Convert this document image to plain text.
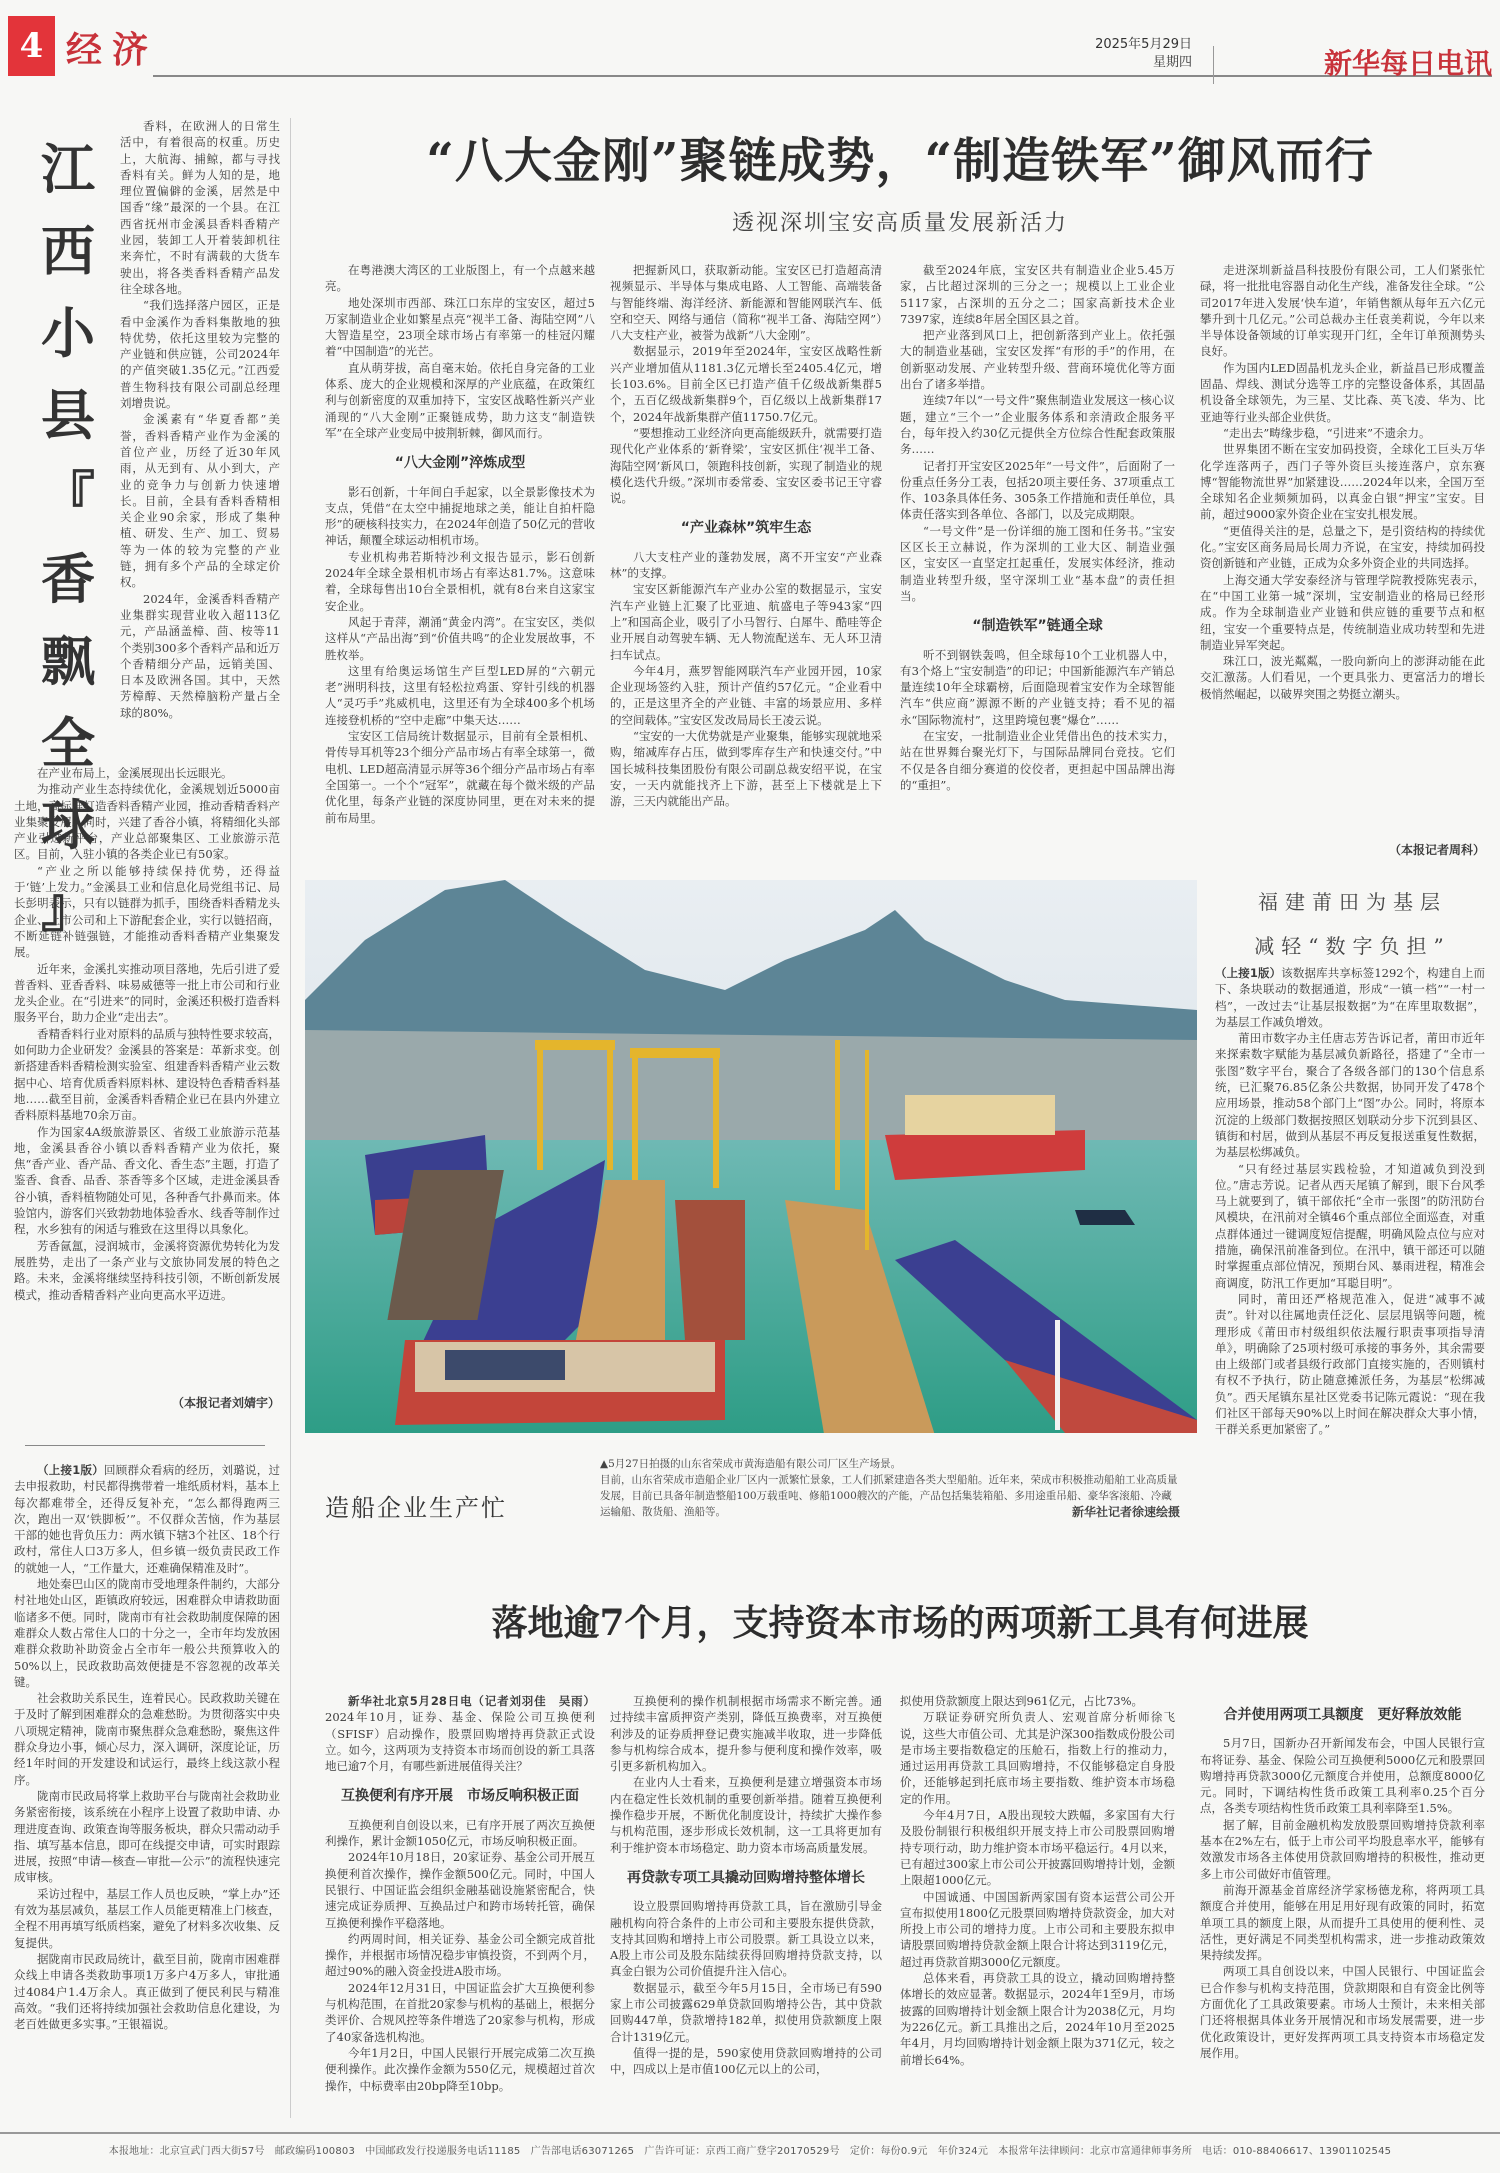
4 经济	2025年5月29日
星期四	新华每日电讯
江
西
小
县
『
香
飘
全
球
』

香料，在欧洲人的日常生活中，有着很高的权重。历史上，大航海、捕鲸，都与寻找香料有关。鲜为人知的是，地理位置偏僻的金溪，居然是中国香“缘”最深的一个县。在江西省抚州市金溪县香料香精产业园，装卸工人开着装卸机往来奔忙，不时有满载的大货车驶出，将各类香料香精产品发往全球各地。

“我们选择落户园区，正是看中金溪作为香料集散地的独特优势，依托这里较为完整的产业链和供应链，公司2024年的产值突破1.35亿元。”江西爱普生物科技有限公司副总经理刘增贵说。

金溪素有“华夏香都”美誉，香料香精产业作为金溪的首位产业，历经了近30年风雨，从无到有、从小到大，产业的竞争力与创新力快速增长。目前，全县有香料香精相关企业90余家，形成了集种植、研发、生产、加工、贸易等为一体的较为完整的产业链，拥有多个产品的全球定价权。

2024年，金溪香料香精产业集群实现营业收入超113亿元，产品涵盖樟、茴、桉等11个类别300多个香料产品和近万个香精细分产品，远销美国、日本及欧洲各国。其中，天然芳樟醇、天然樟脑粉产量占全球的80%。

在产业布局上，金溪展现出长远眼光。

为推动产业生态持续优化，金溪规划近5000亩土地，高标准打造香料香精产业园，推动香精香料产业集聚发展。同时，兴建了香谷小镇，将精细化头部产业引进新平台，产业总部聚集区、工业旅游示范区。目前，入驻小镇的各类企业已有50家。

“产业之所以能够持续保持优势，还得益于‘链’上发力。”金溪县工业和信息化局党组书记、局长彭明表示，只有以链群为抓手，围绕香料香精龙头企业、上市公司和上下游配套企业，实行以链招商，不断延链补链强链，才能推动香料香精产业集聚发展。

近年来，金溪扎实推动项目落地，先后引进了爱普香料、亚香香料、味易威德等一批上市公司和行业龙头企业。在“引进来”的同时，金溪还积极打造香料服务平台，助力企业“走出去”。

香精香料行业对原料的品质与独特性要求较高，如何助力企业研发？金溪县的答案是：革新求变。创新搭建香料香精检测实验室、组建香料香精产业云数据中心、培育优质香料原料林、建设特色香精香料基地……截至目前，金溪香料香精企业已在县内外建立香料原料基地70余万亩。

作为国家4A级旅游景区、省级工业旅游示范基地，金溪县香谷小镇以香料香精产业为依托，聚焦“香产业、香产品、香文化、香生态”主题，打造了鉴香、食香、品香、茶香等多个区域，走进金溪县香谷小镇，香料植物随处可见，各种香气扑鼻而来。体验馆内，游客们兴致勃勃地体验香水、线香等制作过程，水乡独有的闲适与雅致在这里得以具象化。

芳香氤氲，浸润城市，金溪将资源优势转化为发展胜势，走出了一条产业与文旅协同发展的特色之路。未来，金溪将继续坚持科技引领，不断创新发展模式，推动香精香料产业向更高水平迈进。

（本报记者刘婧宇）

（上接1版）回顾群众看病的经历，刘璐说，过去申报救助，村民都得携带着一堆纸质材料，基本上每次都难带全，还得反复补充，“怎么都得跑两三次，跑出一双‘铁脚板’”。不仅群众苦恼，作为基层干部的她也背负压力：两水镇下辖3个社区、18个行政村，常住人口3万多人，但乡镇一级负责民政工作的就她一人，“工作量大，还难确保精准及时”。

地处秦巴山区的陇南市受地理条件制约，大部分村社地处山区，距镇政府较远，困难群众申请救助面临诸多不便。同时，陇南市有社会救助制度保障的困难群众人数占常住人口的十分之一，全市年均发放困难群众救助补助资金占全市年一般公共预算收入的50%以上，民政救助高效便捷是不容忽视的改革关键。

社会救助关系民生，连着民心。民政救助关键在于及时了解到困难群众的急难愁盼。为贯彻落实中央八项规定精神，陇南市聚焦群众急难愁盼，聚焦这件群众身边小事，倾心尽力，深入调研，深度论证，历经1年时间的开发建设和试运行，最终上线这款小程序。

陇南市民政局将掌上救助平台与陇南社会救助业务紧密衔接，该系统在小程序上设置了救助申请、办理进度查询、政策查询等服务板块，群众只需动动手指、填写基本信息，即可在线提交申请，可实时跟踪进展，按照“申请—核查—审批—公示”的流程快速完成审核。

采访过程中，基层工作人员也反映，“掌上办”还有效为基层减负，基层工作人员能更精准上门核查，全程不用再填写纸质档案，避免了材料多次收集、反复提供。

据陇南市民政局统计，截至目前，陇南市困难群众线上申请各类救助事项1万多户4万多人，审批通过4084户1.4万余人。真正做到了便民利民与精准高效。“我们还将持续加强社会救助信息化建设，为老百姓做更多实事。”王银福说。

“八大金刚”聚链成势，“制造铁军”御风而行
透视深圳宝安高质量发展新活力

在粤港澳大湾区的工业版图上，有一个点越来越亮。

地处深圳市西部、珠江口东岸的宝安区，超过5万家制造业企业如繁星点亮“视半工备、海陆空网”八大智造星空，23项全球市场占有率第一的桂冠闪耀着“中国制造”的光芒。

直从萌芽拔，高自毫末始。依托自身完备的工业体系、庞大的企业规模和深厚的产业底蕴，在政策红利与创新密度的双重加持下，宝安区战略性新兴产业涌现的“八大金刚”正聚链成势，助力这支“制造铁军”在全球产业变局中披荆斩棘，御风而行。

“八大金刚”淬炼成型

影石创新，十年间白手起家，以全景影像技术为支点，凭借“在太空中捕捉地球之美，能让自拍杆隐形”的硬核科技实力，在2024年创造了50亿元的营收神话，颠覆全球运动相机市场。

专业机构弗若斯特沙利文报告显示，影石创新2024年全球全景相机市场占有率达81.7%。这意味着，全球每售出10台全景相机，就有8台来自这家宝安企业。

风起于青萍，潮涌“黄金内湾”。在宝安区，类似这样从“产品出海”到“价值共鸣”的企业发展故事，不胜枚举。

这里有给奥运场馆生产巨型LED屏的“六朝元老”洲明科技，这里有轻松拉鸡蛋、穿针引线的机器人“灵巧手”兆威机电，这里还有为全球400多个机场连接登机桥的“空中走廊”中集天达……

宝安区工信局统计数据显示，目前有全景相机、骨传导耳机等23个细分产品市场占有率全球第一，微电机、LED超高清显示屏等36个细分产品市场占有率全国第一。一个个“冠军”，就藏在每个微米级的产品优化里，每条产业链的深度协同里，更在对未来的提前布局里。

把握新风口，获取新动能。宝安区已打造超高清视频显示、半导体与集成电路、人工智能、高端装备与智能终端、海洋经济、新能源和智能网联汽车、低空和空天、网络与通信（简称“视半工备、海陆空网”）八大支柱产业，被誉为战新“八大金刚”。

数据显示，2019年至2024年，宝安区战略性新兴产业增加值从1181.3亿元增长至2405.4亿元，增长103.6%。目前全区已打造产值千亿级战新集群5个，五百亿级战新集群9个，百亿级以上战新集群17个，2024年战新集群产值11750.7亿元。

“要想推动工业经济向更高能级跃升，就需要打造现代化产业体系的‘新脊梁’，宝安区抓住‘视半工备、海陆空网’新风口，领跑科技创新，实现了制造业的规模化迭代升级。”深圳市委常委、宝安区委书记王守睿说。

“产业森林”筑牢生态

八大支柱产业的蓬勃发展，离不开宝安“产业森林”的支撑。

宝安区新能源汽车产业办公室的数据显示，宝安汽车产业链上汇聚了比亚迪、航盛电子等943家“四上”和国高企业，吸引了小马智行、白犀牛、酷哇等企业开展自动驾驶车辆、无人物流配送车、无人环卫清扫车试点。

今年4月，燕罗智能网联汽车产业园开园，10家企业现场签约入驻，预计产值约57亿元。“企业看中的，正是这里齐全的产业链、丰富的场景应用、多样的空间载体。”宝安区发改局局长王凌云说。

“宝安的一大优势就是产业聚集，能够实现就地采购，缩减库存占压，做到零库存生产和快速交付。”中国长城科技集团股份有限公司副总裁安绍平说，在宝安，一天内就能找齐上下游，甚至上下楼就是上下游，三天内就能出产品。

截至2024年底，宝安区共有制造业企业5.45万家，占比超过深圳的三分之一；规模以上工业企业5117家，占深圳的五分之二；国家高新技术企业7397家，连续8年居全国区县之首。

把产业落到风口上，把创新落到产业上。依托强大的制造业基础，宝安区发挥“有形的手”的作用，在创新驱动发展、产业转型升级、营商环境优化等方面出台了诸多举措。

连续7年以“一号文件”聚焦制造业发展这一核心议题，建立“三个一”企业服务体系和亲清政企服务平台，每年投入约30亿元提供全方位综合性配套政策服务……

记者打开宝安区2025年“一号文件”，后面附了一份重点任务分工表，包括20项主要任务、37项重点工作、103条具体任务、305条工作措施和责任单位，具体责任落实到各单位、各部门，以及完成期限。

“一号文件”是一份详细的施工图和任务书。”宝安区区长王立赫说，作为深圳的工业大区、制造业强区，宝安区一直坚定扛起重任，发展实体经济，推动制造业转型升级，坚守深圳工业“基本盘”的责任担当。

“制造铁军”链通全球

听不到钢铁轰鸣，但全球每10个工业机器人中，有3个烙上“宝安制造”的印记；中国新能源汽车产销总量连续10年全球霸榜，后面隐现着宝安作为全球智能汽车“供应商”源源不断的产业链支持；看不见的福永“国际物流村”，这里跨境包裹“爆仓”……

在宝安，一批制造业企业凭借出色的技术实力，站在世界舞台聚光灯下，与国际品牌同台竞技。它们不仅是各自细分赛道的佼佼者，更担起中国品牌出海的“重担”。

走进深圳新益昌科技股份有限公司，工人们紧张忙碌，将一批批电容器自动化生产线，准备发往全球。“公司2017年进入发展‘快车道’，年销售额从每年五六亿元攀升到十几亿元。”公司总裁办主任袁美莉说，今年以来半导体设备领域的订单实现开门红，全年订单预测势头良好。

作为国内LED固晶机龙头企业，新益昌已形成覆盖固晶、焊线、测试分选等工序的完整设备体系，其固晶机设备全球领先，为三星、艾比森、英飞凌、华为、比亚迪等行业头部企业供货。

“走出去”畴缘步稳，“引进来”不遗余力。

世界集团不断在宝安加码投资，全球化工巨头万华化学连落两子，西门子等外资巨头接连落户，京东赛博“智能物流世界”加紧建设……2024年以来，全国万至全球知名企业频频加码，以真金白银“押宝”宝安。目前，超过9000家外资企业在宝安扎根发展。

“更值得关注的是，总量之下，是引资结构的持续优化。”宝安区商务局局长周力齐说，在宝安，持续加码投资创新链和产业链，正成为众多外资企业的共同选择。

上海交通大学安泰经济与管理学院教授陈宪表示，在“中国工业第一城”深圳，宝安制造业的格局已经形成。作为全球制造业产业链和供应链的重要节点和枢纽，宝安一个重要特点是，传统制造业成功转型和先进制造业异军突起。

珠江口，波光粼粼，一股向新向上的澎湃动能在此交汇激荡。人们看见，一个更具张力、更富活力的增长极悄然崛起，以破界突围之势挺立潮头。

（本报记者周科）

造船企业生产忙
▲5月27日拍摄的山东省荣成市黄海造船有限公司厂区生产场景。
目前，山东省荣成市造船企业厂区内一派繁忙景象，工人们抓紧建造各类大型船舶。近年来，荣成市积极推动船舶工业高质量发展，目前已具备年制造整船100万载重吨、修船1000艘次的产能，产品包括集装箱船、多用途重吊船、豪华客滚船、冷藏运输船、散货船、渔船等。	新华社记者徐速绘摄
福建莆田为基层
减轻“数字负担”

（上接1版）该数据库共享标签1292个，构建自上而下、条块联动的数据通道，形成“一镇一档”“一村一档”，一改过去“让基层报数据”为“在库里取数据”，为基层工作减负增效。

莆田市数字办主任唐志芳告诉记者，莆田市近年来探索数字赋能为基层减负新路径，搭建了“全市一张图”数字平台，聚合了各级各部门的130个信息系统，已汇聚76.85亿条公共数据，协同开发了478个应用场景，推动58个部门上“图”办公。同时，将原本沉淀的上级部门数据按照区划联动分步下沉到县区、镇街和村居，做到从基层不再反复报送重复性数据，为基层松绑减负。

“只有经过基层实践检验，才知道减负到没到位。”唐志芳说。记者从西天尾镇了解到，眼下台风季马上就要到了，镇干部依托“全市一张图”的防汛防台风模块，在汛前对全镇46个重点部位全面巡查，对重点群体通过一键调度短信提醒，明确风险点位与应对措施，确保汛前准备到位。在汛中，镇干部还可以随时掌握重点部位情况，预期台风、暴雨进程，精准会商调度，防汛工作更加“耳聪目明”。

同时，莆田还严格规范准入，促进“减事不减责”。针对以往属地责任泛化、层层甩锅等问题，梳理形成《莆田市村级组织依法履行职责事项指导清单》，明确除了25项村级可承接的事务外，其余需要由上级部门或者县级行政部门直接实施的，否则镇村有权不予执行，防止随意摊派任务，为基层“松绑减负”。西天尾镇东星社区党委书记陈元霞说：“现在我们社区干部每天90%以上时间在解决群众大事小情，干群关系更加紧密了。”

落地逾7个月，支持资本市场的两项新工具有何进展

新华社北京5月28日电（记者刘羽佳　吴雨）2024年10月，证券、基金、保险公司互换便利（SFISF）启动操作，股票回购增持再贷款正式设立。如今，这两项为支持资本市场而创设的新工具落地已逾7个月，有哪些新进展值得关注？

互换便利有序开展　市场反响积极正面

互换便利自创设以来，已有序开展了两次互换便利操作，累计金额1050亿元，市场反响积极正面。

2024年10月18日，20家证券、基金公司开展互换便利首次操作，操作金额500亿元。同时，中国人民银行、中国证监会组织金融基础设施紧密配合，快速完成证券质押、互换品过户和跨市场转托管，确保互换便利操作平稳落地。

约两周时间，相关证券、基金公司全额完成首批操作，并根据市场情况稳步审慎投资，不到两个月，超过90%的融入资金投进A股市场。

2024年12月31日，中国证监会扩大互换便利参与机构范围，在首批20家参与机构的基础上，根据分类评价、合规风控等条件增选了20家参与机构，形成了40家备选机构池。

今年1月2日，中国人民银行开展完成第二次互换便利操作。此次操作金额为550亿元，规模超过首次操作，中标费率由20bp降至10bp。

互换便利的操作机制根据市场需求不断完善。通过持续丰富质押资产类别，降低互换费率，对互换便利涉及的证券质押登记费实施减半收取，进一步降低参与机构综合成本，提升参与便利度和操作效率，吸引更多新机构加入。

在业内人士看来，互换便利是建立增强资本市场内在稳定性长效机制的重要创新举措。随着互换便利操作稳步开展，不断优化制度设计，持续扩大操作参与机构范围，逐步形成长效机制，这一工具将更加有利于维护资本市场稳定、助力资本市场高质量发展。

再贷款专项工具撬动回购增持整体增长

设立股票回购增持再贷款工具，旨在激励引导金融机构向符合条件的上市公司和主要股东提供贷款，支持其回购和增持上市公司股票。新工具设立以来，A股上市公司及股东陆续获得回购增持贷款支持，以真金白银为公司价值提升注入信心。

数据显示，截至今年5月15日，全市场已有590家上市公司披露629单贷款回购增持公告，其中贷款回购447单，贷款增持182单，拟使用贷款额度上限合计1319亿元。

值得一提的是，590家使用贷款回购增持的公司中，四成以上是市值100亿元以上的公司，

拟使用贷款额度上限达到961亿元，占比73%。

万联证券研究所负责人、宏观首席分析师徐飞说，这些大市值公司、尤其是沪深300指数成份股公司是市场主要指数稳定的压舱石，指数上行的推动力，通过运用再贷款工具回购增持，不仅能够稳定自身股价，还能够起到托底市场主要指数、维护资本市场稳定的作用。

今年4月7日，A股出现较大跌幅，多家国有大行及股份制银行积极组织开展支持上市公司股票回购增持专项行动，助力维护资本市场平稳运行。4月以来，已有超过300家上市公司公开披露回购增持计划，金额上限超1000亿元。

中国诚通、中国国新两家国有资本运营公司公开宣布拟使用1800亿元股票回购增持贷款资金，加大对所投上市公司的增持力度。上市公司和主要股东拟申请股票回购增持贷款金额上限合计将达到3119亿元，超过再贷款首期3000亿元额度。

总体来看，再贷款工具的设立，撬动回购增持整体增长的效应显著。数据显示，2024年1至9月，市场披露的回购增持计划金额上限合计为2038亿元，月均为226亿元。新工具推出之后，2024年10月至2025年4月，月均回购增持计划金额上限为371亿元，较之前增长64%。

合并使用两项工具额度　更好释放效能

5月7日，国新办召开新闻发布会，中国人民银行宣布将证券、基金、保险公司互换便利5000亿元和股票回购增持再贷款3000亿元额度合并使用，总额度8000亿元。同时，下调结构性货币政策工具利率0.25个百分点，各类专项结构性货币政策工具利率降至1.5%。

据了解，目前金融机构发放股票回购增持贷款利率基本在2%左右，低于上市公司平均股息率水平，能够有效激发市场各主体使用贷款回购增持的积极性，推动更多上市公司做好市值管理。

前海开源基金首席经济学家杨德龙称，将两项工具额度合并使用，能够在用足用好现有政策的同时，拓宽单项工具的额度上限，从而提升工具使用的便利性、灵活性，更好满足不同类型机构需求，进一步推动政策效果持续发挥。

两项工具自创设以来，中国人民银行、中国证监会已合作参与机构支持范围，贷款期限和自有资金比例等方面优化了工具政策要素。市场人士预计，未来相关部门还将根据具体业务开展情况和市场发展需要，进一步优化政策设计，更好发挥两项工具支持资本市场稳定发展作用。

本报地址：北京宣武门西大街57号　邮政编码100803　中国邮政发行投递服务电话11185　广告部电话63071265　广告许可证：京西工商广登字20170529号　定价：每份0.9元　年价324元　本报常年法律顾问：北京市富通律师事务所　电话：010-88406617、13901102545
